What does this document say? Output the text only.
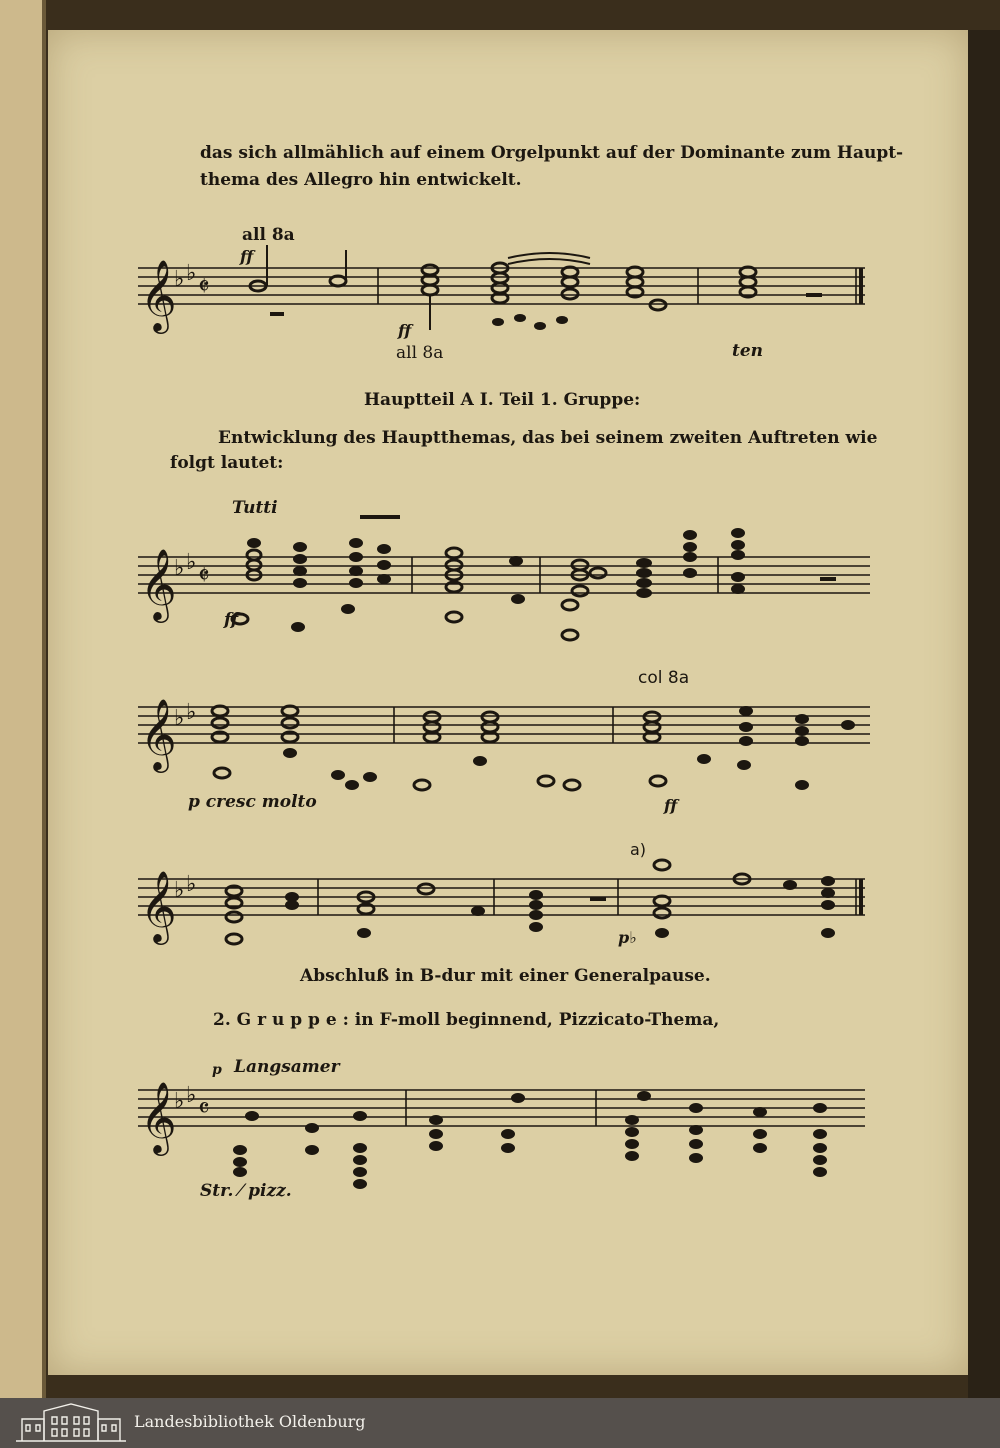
das sich allmählich auf einem Orgelpunkt auf der Dominante zum Haupt-
thema des Allegro hin entwickelt.
𝄞
♭ ♭ 𝄵
all 8a
ff
ff
all 8a	ten
Hauptteil A I. Teil 1. Gruppe:
Entwicklung des Hauptthemas, das bei seinem zweiten Auftreten wie
folgt lautet:
𝄞
♭ ♭ 𝄵
Tutti
ff
𝄞
♭ ♭
col 8a
p cresc molto	ff
𝄞
♭ ♭
a)
p♭
Abschluß in B-dur mit einer Generalpause.
2. G r u p p e : in F-moll beginnend, Pizzicato-Thema,
𝄞
♭ ♭ 𝄴
p Langsamer
Str. ⁄ pizz.
Landesbibliothek Oldenburg
